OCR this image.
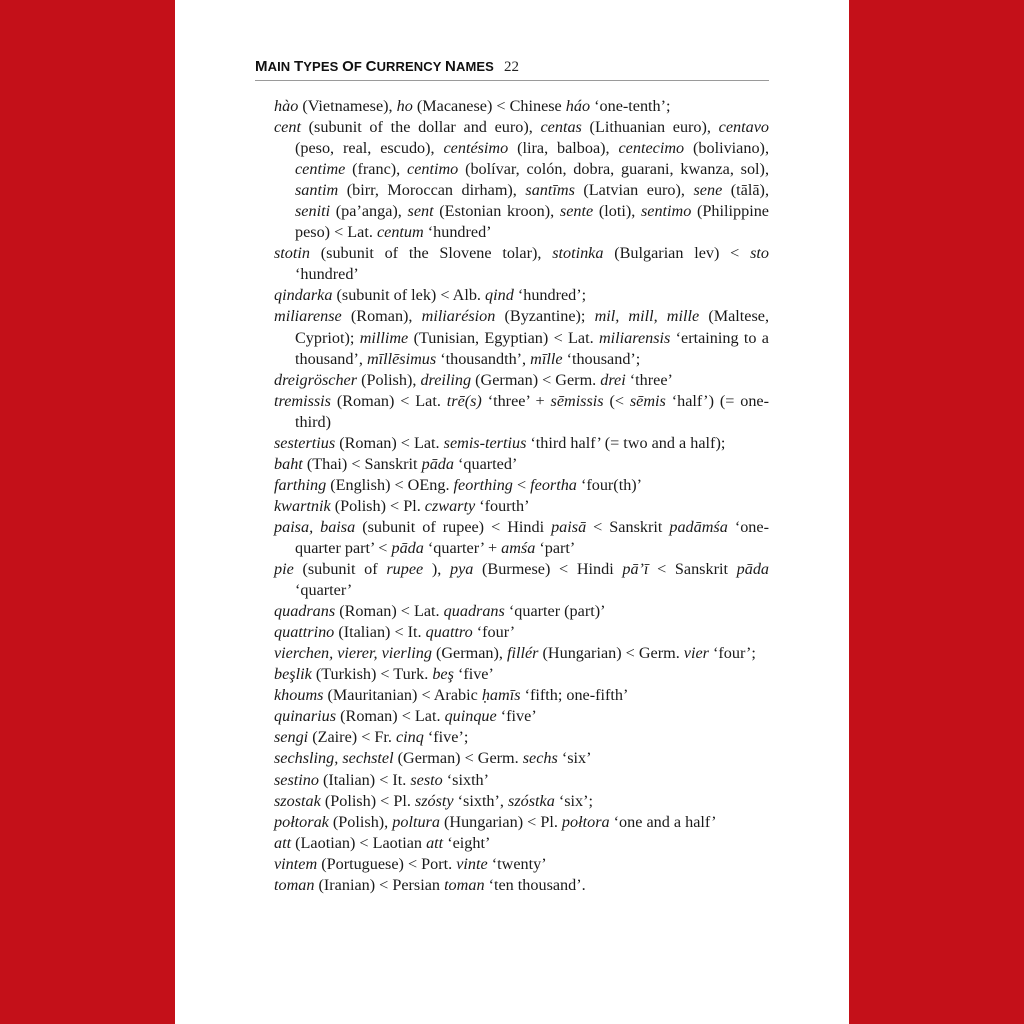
MAIN TYPES OF CURRENCY NAMES 22

hào (Vietnamese), ho (Macanese) < Chinese háo ‘one-tenth’;

cent (subunit of the dollar and euro), centas (Lithuanian euro), centavo (peso, real, escudo), centésimo (lira, balboa), centecimo (boliviano), centime (franc), centimo (bolívar, colón, dobra, guarani, kwanza, sol), santim (birr, Moroccan dirham), santīms (Latvian euro), sene (tālā), seniti (pa’anga), sent (Estonian kroon), sente (loti), sentimo (Philippine peso) < Lat. centum ‘hundred’

stotin (subunit of the Slovene tolar), stotinka (Bulgarian lev) < sto ‘hundred’

qindarka (subunit of lek) < Alb. qind ‘hundred’;

miliarense (Roman), miliarésion (Byzantine); mil, mill, mille (Maltese, Cypriot); millime (Tunisian, Egyptian) < Lat. miliarensis ‘ertaining to a thousand’, mīllēsimus ‘thousandth’, mīlle ‘thousand’;

dreigröscher (Polish), dreiling (German) < Germ. drei ‘three’

tremissis (Roman) < Lat. trē(s) ‘three’ + sēmissis (< sēmis ‘half’) (= one-third)

sestertius (Roman) < Lat. semis-tertius ‘third half’ (= two and a half);

baht (Thai) < Sanskrit pāda ‘quarted’

farthing (English) < OEng. feorthing < feortha ‘four(th)’

kwartnik (Polish) < Pl. czwarty ‘fourth’

paisa, baisa (subunit of rupee) < Hindi paisā < Sanskrit padāmśa ‘one-quarter part’ < pāda ‘quarter’ + amśa ‘part’

pie (subunit of rupee ), pya (Burmese) < Hindi pā’ī < Sanskrit pāda ‘quarter’

quadrans (Roman) < Lat. quadrans ‘quarter (part)’

quattrino (Italian) < It. quattro ‘four’

vierchen, vierer, vierling (German), fillér (Hungarian) < Germ. vier ‘four’;

beşlik (Turkish) < Turk. beş ‘five’

khoums (Mauritanian) < Arabic ḥamīs ‘fifth; one-fifth’

quinarius (Roman) < Lat. quinque ‘five’

sengi (Zaire) < Fr. cinq ‘five’;

sechsling, sechstel (German) < Germ. sechs ‘six’

sestino (Italian) < It. sesto ‘sixth’

szostak (Polish) < Pl. szósty ‘sixth’, szóstka ‘six’;

połtorak (Polish), poltura (Hungarian) < Pl. połtora ‘one and a half’

att (Laotian) < Laotian att ‘eight’

vintem (Portuguese) < Port. vinte ‘twenty’

toman (Iranian) < Persian toman ‘ten thousand’.
